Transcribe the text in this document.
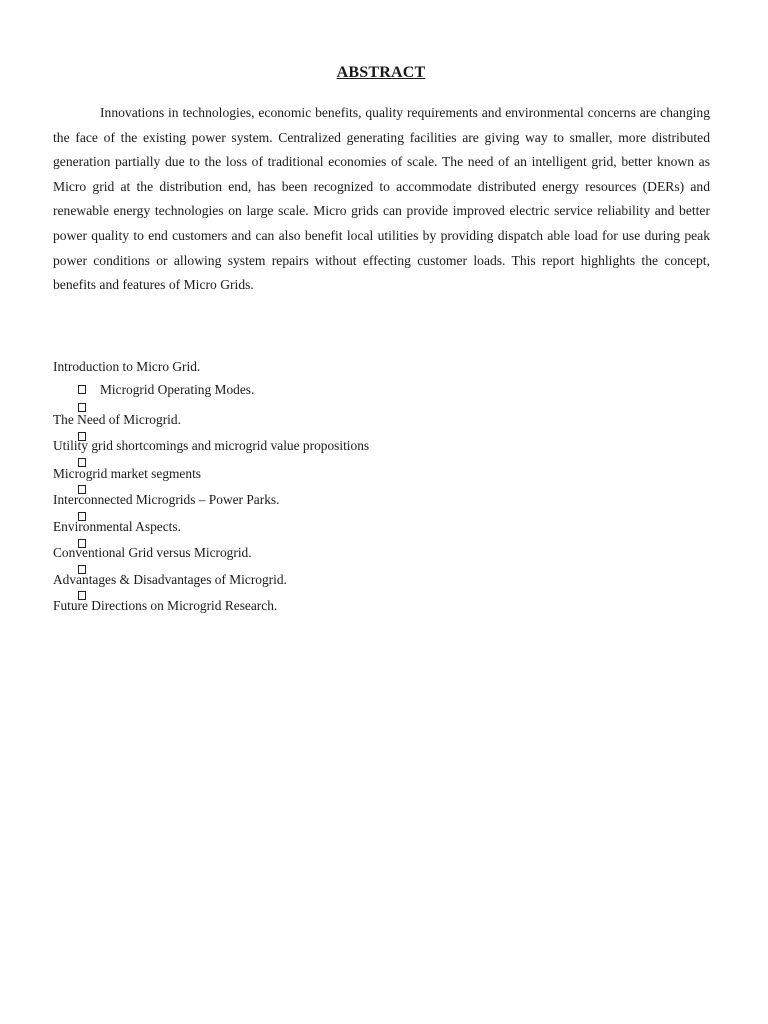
ABSTRACT

Innovations in technologies, economic benefits, quality requirements and environmental concerns are changing the face of the existing power system. Centralized generating facilities are giving way to smaller, more distributed generation partially due to the loss of traditional economies of scale. The need of an intelligent grid, better known as Micro grid at the distribution end, has been recognized to accommodate distributed energy resources (DERs) and renewable energy technologies on large scale. Micro grids can provide improved electric service reliability and better power quality to end customers and can also benefit local utilities by providing dispatch able load for use during peak power conditions or allowing system repairs without effecting customer loads. This report highlights the concept, benefits and features of Micro Grids.

Introduction to Micro Grid.
Microgrid Operating Modes.
The Need of Microgrid.
Utility grid shortcomings and microgrid value propositions
Microgrid market segments
Interconnected Microgrids – Power Parks.
Environmental Aspects.
Conventional Grid versus Microgrid.
Advantages & Disadvantages of Microgrid.
Future Directions on Microgrid Research.
